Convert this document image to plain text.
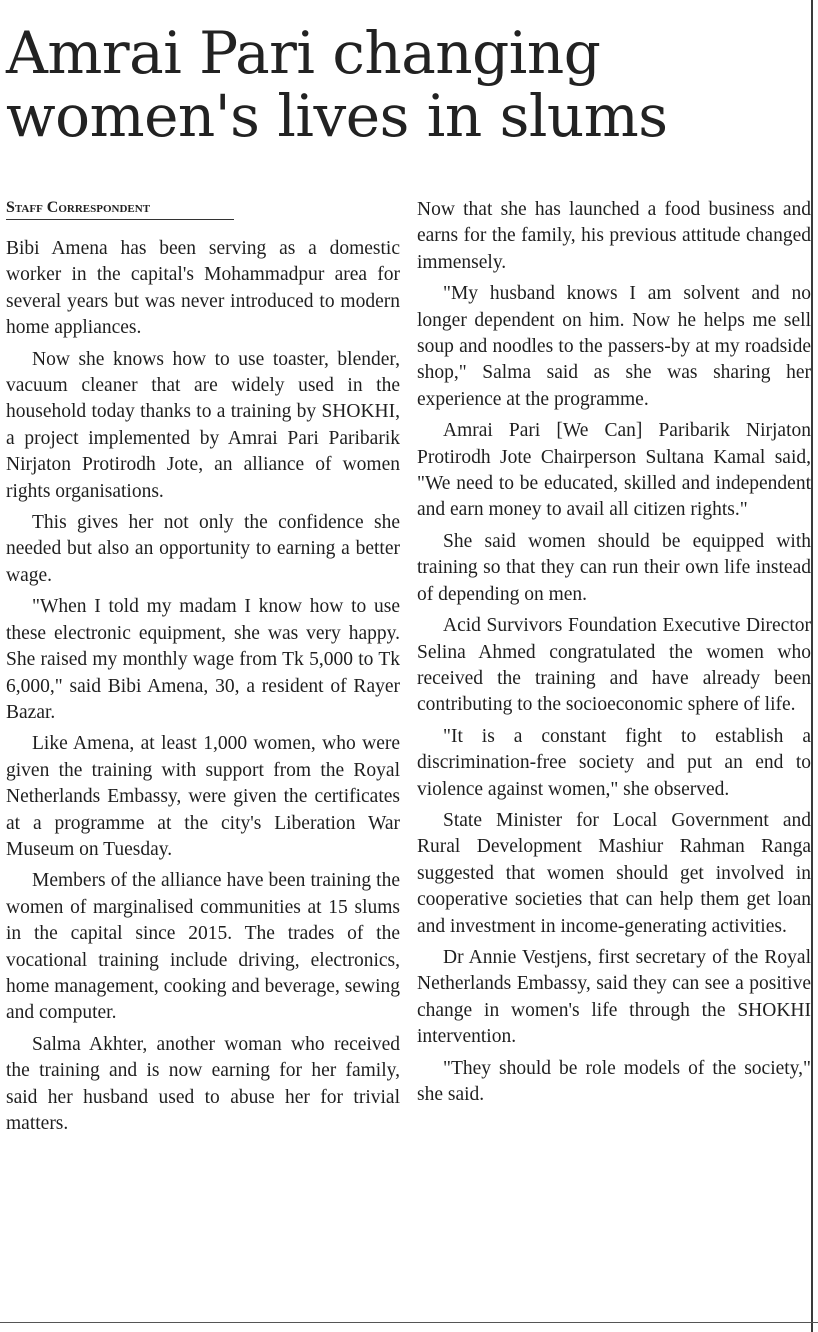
Amrai Pari changing
women's lives in slums
Staff Correspondent

Bibi Amena has been serving as a domestic worker in the capital's Mohammadpur area for several years but was never introduced to modern home appliances.

Now she knows how to use toaster, blender, vacuum cleaner that are widely used in the household today thanks to a training by SHOKHI, a project implemented by Amrai Pari Paribarik Nirjaton Protirodh Jote, an alliance of women rights organisations.

This gives her not only the confidence she needed but also an opportunity to earning a better wage.

"When I told my madam I know how to use these electronic equipment, she was very happy. She raised my monthly wage from Tk 5,000 to Tk 6,000," said Bibi Amena, 30, a resident of Rayer Bazar.

Like Amena, at least 1,000 women, who were given the training with support from the Royal Netherlands Embassy, were given the certificates at a programme at the city's Liberation War Museum on Tuesday.

Members of the alliance have been training the women of marginalised communities at 15 slums in the capital since 2015. The trades of the vocational training include driving, electronics, home management, cooking and beverage, sewing and computer.

Salma Akhter, another woman who received the training and is now earning for her family, said her husband used to abuse her for trivial matters.

Now that she has launched a food business and earns for the family, his previous attitude changed immensely.

"My husband knows I am solvent and no longer dependent on him. Now he helps me sell soup and noodles to the passers-by at my roadside shop," Salma said as she was sharing her experience at the programme.

Amrai Pari [We Can] Paribarik Nirjaton Protirodh Jote Chairperson Sultana Kamal said, "We need to be educated, skilled and independent and earn money to avail all citizen rights."

She said women should be equipped with training so that they can run their own life instead of depending on men.

Acid Survivors Foundation Executive Director Selina Ahmed congratulated the women who received the training and have already been contributing to the socioeconomic sphere of life.

"It is a constant fight to establish a discrimination-free society and put an end to violence against women," she observed.

State Minister for Local Government and Rural Development Mashiur Rahman Ranga suggested that women should get involved in cooperative societies that can help them get loan and investment in income-generating activities.

Dr Annie Vestjens, first secretary of the Royal Netherlands Embassy, said they can see a positive change in women's life through the SHOKHI intervention.

"They should be role models of the society," she said.
